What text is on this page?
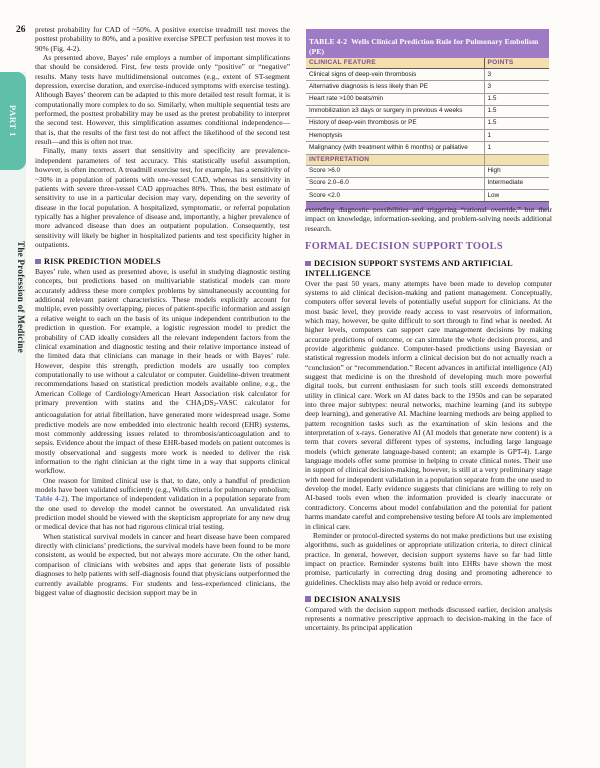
PART 1
The Profession of Medicine
26 pretest probability for CAD of ~50%. A positive exercise treadmill test moves the posttest probability to 80%, and a positive exercise SPECT perfusion test moves it to 90% (Fig. 4-2).

As presented above, Bayes’ rule employs a number of important simplifications that should be considered. First, few tests provide only “positive” or “negative” results. Many tests have multidimensional outcomes (e.g., extent of ST-segment depression, exercise duration, and exercise-induced symptoms with exercise testing). Although Bayes’ theorem can be adapted to this more detailed test result format, it is computationally more complex to do so. Similarly, when multiple sequential tests are performed, the posttest probability may be used as the pretest probability to interpret the second test. However, this simplification assumes conditional independence—that is, that the results of the first test do not affect the likelihood of the second test result—and this is often not true.

Finally, many texts assert that sensitivity and specificity are prevalence-independent parameters of test accuracy. This statistically useful assumption, however, is often incorrect. A treadmill exercise test, for example, has a sensitivity of ~30% in a population of patients with one-vessel CAD, whereas its sensitivity in patients with severe three-vessel CAD approaches 80%. Thus, the best estimate of sensitivity to use in a particular decision may vary, depending on the severity of disease in the local population. A hospitalized, symptomatic, or referral population typically has a higher prevalence of disease and, importantly, a higher prevalence of more advanced disease than does an outpatient population. Consequently, test sensitivity will likely be higher in hospitalized patients and test specificity higher in outpatients.

RISK PREDICTION MODELS

Bayes’ rule, when used as presented above, is useful in studying diagnostic testing concepts, but predictions based on multivariable statistical models can more accurately address these more complex problems by simultaneously accounting for additional relevant patient characteristics. These models explicitly account for multiple, even possibly overlapping, pieces of patient-specific information and assign a relative weight to each on the basis of its unique independent contribution to the prediction in question. For example, a logistic regression model to predict the probability of CAD ideally considers all the relevant independent factors from the clinical examination and diagnostic testing and their relative importance instead of the limited data that clinicians can manage in their heads or with Bayes’ rule. However, despite this strength, prediction models are usually too complex computationally to use without a calculator or computer. Guideline-driven treatment recommendations based on statistical prediction models available online, e.g., the American College of Cardiology/American Heart Association risk calculator for primary prevention with statins and the $CHA_2DS_2$-VASC calculator for anticoagulation for atrial fibrillation, have generated more widespread usage. Some predictive models are now embedded into electronic health record (EHR) systems, most commonly addressing issues related to thrombosis/anticoagulation and to sepsis. Evidence about the impact of these EHR-based models on patient outcomes is mostly observational and suggests more work is needed to deliver the risk information to the right clinician at the right time in a way that supports clinical workflow.

One reason for limited clinical use is that, to date, only a handful of prediction models have been validated sufficiently (e.g., Wells criteria for pulmonary embolism; Table 4-2). The importance of independent validation in a population separate from the one used to develop the model cannot be overstated. An unvalidated risk prediction model should be viewed with the skepticism appropriate for any new drug or medical device that has not had rigorous clinical trial testing.

When statistical survival models in cancer and heart disease have been compared directly with clinicians’ predictions, the survival models have been found to be more consistent, as would be expected, but not always more accurate. On the other hand, comparison of clinicians with websites and apps that generate lists of possible diagnoses to help patients with self-diagnosis found that physicians outperformed the currently available programs. For students and less-experienced clinicians, the biggest value of diagnostic decision support may be in

TABLE 4-2 Wells Clinical Prediction Rule for Pulmonary Embolism (PE)	
CLINICAL FEATURE	POINTS
Clinical signs of deep-vein thrombosis	3
Alternative diagnosis is less likely than PE	3
Heart rate >100 beats/min	1.5
Immobilization ≥3 days or surgery in previous 4 weeks	1.5
History of deep-vein thrombosis or PE	1.5
Hemoptysis	1
Malignancy (with treatment within 6 months) or palliative	1
INTERPRETATION	
Score >6.0	High
Score 2.0–6.0	Intermediate
Score <2.0	Low

extending diagnostic possibilities and triggering “rational override,” but their impact on knowledge, information-seeking, and problem-solving needs additional research.

FORMAL DECISION SUPPORT TOOLS
DECISION SUPPORT SYSTEMS AND ARTIFICIAL
INTELLIGENCE

Over the past 50 years, many attempts have been made to develop computer systems to aid clinical decision-making and patient management. Conceptually, computers offer several levels of potentially useful support for clinicians. At the most basic level, they provide ready access to vast reservoirs of information, which may, however, be quite difficult to sort through to find what is needed. At higher levels, computers can support care management decisions by making accurate predictions of outcome, or can simulate the whole decision process, and provide algorithmic guidance. Computer-based predictions using Bayesian or statistical regression models inform a clinical decision but do not actually reach a “conclusion” or “recommendation.” Recent advances in artificial intelligence (AI) suggest that medicine is on the threshold of developing much more powerful digital tools, but current enthusiasm for such tools still exceeds demonstrated utility in clinical care. Work on AI dates back to the 1950s and can be separated into three major subtypes: neural networks, machine learning (and its subtype deep learning), and generative AI. Machine learning methods are being applied to pattern recognition tasks such as the examination of skin lesions and the interpretation of x-rays. Generative AI (AI models that generate new content) is a term that covers several different types of systems, including large language models (which generate language-based content; an example is GPT-4). Large language models offer some promise in helping to create clinical notes. Their use in support of clinical decision-making, however, is still at a very preliminary stage with need for independent validation in a population separate from the one used to develop the model. Early evidence suggests that clinicians are willing to rely on AI-based tools even when the information provided is clearly inaccurate or contradictory. Concerns about model confabulation and the potential for patient harms mandate careful and comprehensive testing before AI tools are implemented in clinical care.

Reminder or protocol-directed systems do not make predictions but use existing algorithms, such as guidelines or appropriate utilization criteria, to direct clinical practice. In general, however, decision support systems have so far had little impact on practice. Reminder systems built into EHRs have shown the most promise, particularly in correcting drug dosing and promoting adherence to guidelines. Checklists may also help avoid or reduce errors.

DECISION ANALYSIS

Compared with the decision support methods discussed earlier, decision analysis represents a normative prescriptive approach to decision-making in the face of uncertainty. Its principal application
